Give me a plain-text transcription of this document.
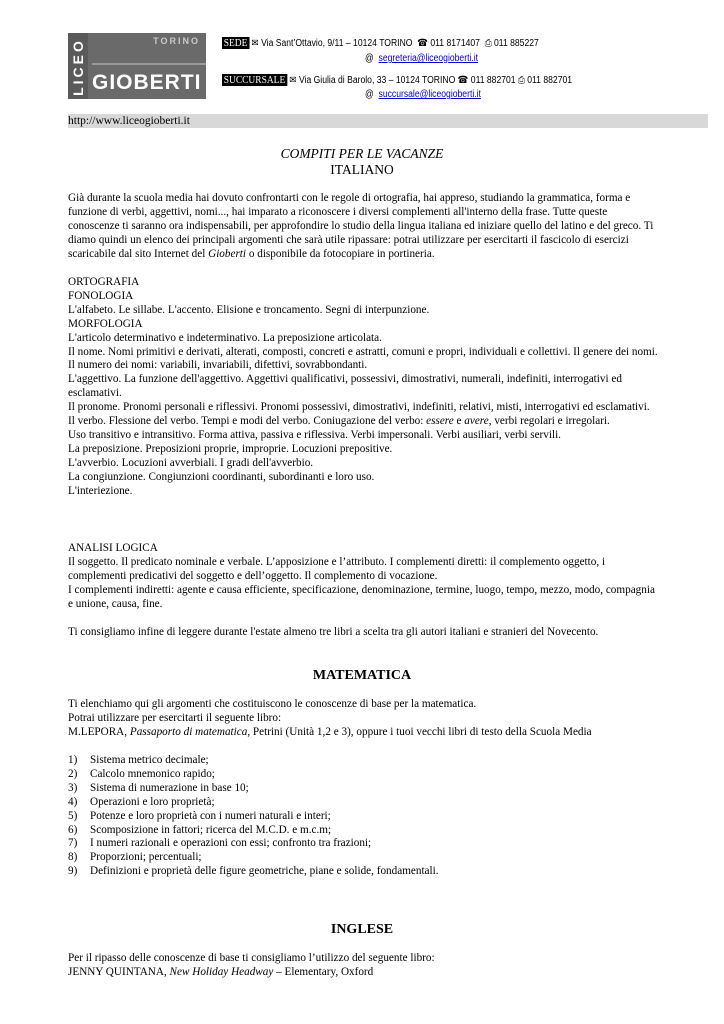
LICEO	TORINO
GIOBERTI
SEDE ✉ Via Sant’Ottavio, 9/11 – 10124 TORINO ☎ 011 8171407 ⎙ 011 885227
@ segreteria@liceogioberti.it
SUCCURSALE ✉ Via Giulia di Barolo, 33 – 10124 TORINO ☎ 011 882701 ⎙ 011 882701
@ succursale@liceogioberti.it
http://www.liceogioberti.it
COMPITI PER LE VACANZE
ITALIANO

Già durante la scuola media hai dovuto confrontarti con le regole di ortografia, hai appreso, studiando la grammatica, forma e funzione di verbi, aggettivi, nomi..., hai imparato a riconoscere i diversi complementi all'interno della frase. Tutte queste conoscenze ti saranno ora indispensabili, per approfondire lo studio della lingua italiana ed iniziare quello del latino e del greco. Ti diamo quindi un elenco dei principali argomenti che sarà utile ripassare: potrai utilizzare per esercitarti il fascicolo di esercizi scaricabile dal sito Internet del Gioberti o disponibile da fotocopiare in portineria.

ORTOGRAFIA

FONOLOGIA

L'alfabeto. Le sillabe. L'accento. Elisione e troncamento. Segni di interpunzione.

MORFOLOGIA

L'articolo determinativo e indeterminativo. La preposizione articolata.

Il nome. Nomi primitivi e derivati, alterati, composti, concreti e astratti, comuni e propri, individuali e collettivi. Il genere dei nomi. Il numero dei nomi: variabili, invariabili, difettivi, sovrabbondanti.

L'aggettivo. La funzione dell'aggettivo. Aggettivi qualificativi, possessivi, dimostrativi, numerali, indefiniti, interrogativi ed esclamativi.

Il pronome. Pronomi personali e riflessivi. Pronomi possessivi, dimostrativi, indefiniti, relativi, misti, interrogativi ed esclamativi.

Il verbo. Flessione del verbo. Tempi e modi del verbo. Coniugazione del verbo: essere e avere, verbi regolari e irregolari.

Uso transitivo e intransitivo. Forma attiva, passiva e riflessiva. Verbi impersonali. Verbi ausiliari, verbi servili.

La preposizione. Preposizioni proprie, improprie. Locuzioni prepositive.

L'avverbio. Locuzioni avverbiali. I gradi dell'avverbio.

La congiunzione. Congiunzioni coordinanti, subordinanti e loro uso.

L'interiezione.

ANALISI LOGICA

Il soggetto. Il predicato nominale e verbale. L’apposizione e l’attributo. I complementi diretti: il complemento oggetto, i complementi predicativi del soggetto e dell’oggetto. Il complemento di vocazione.

I complementi indiretti: agente e causa efficiente, specificazione, denominazione, termine, luogo, tempo, mezzo, modo, compagnia e unione, causa, fine.

Ti consigliamo infine di leggere durante l'estate almeno tre libri a scelta tra gli autori italiani e stranieri del Novecento.
MATEMATICA

Ti elenchiamo qui gli argomenti che costituiscono le conoscenze di base per la matematica.

Potrai utilizzare per esercitarti il seguente libro:

M.LEPORA, Passaporto di matematica, Petrini (Unità 1,2 e 3), oppure i tuoi vecchi libri di testo della Scuola Media

1) Sistema metrico decimale;
2) Calcolo mnemonico rapido;
3) Sistema di numerazione in base 10;
4) Operazioni e loro proprietà;
5) Potenze e loro proprietà con i numeri naturali e interi;
6) Scomposizione in fattori; ricerca del M.C.D. e m.c.m;
7) I numeri razionali e operazioni con essi; confronto tra frazioni;
8) Proporzioni; percentuali;
9) Definizioni e proprietà delle figure geometriche, piane e solide, fondamentali.
INGLESE

Per il ripasso delle conoscenze di base ti consigliamo l’utilizzo del seguente libro:

JENNY QUINTANA, New Holiday Headway – Elementary, Oxford
